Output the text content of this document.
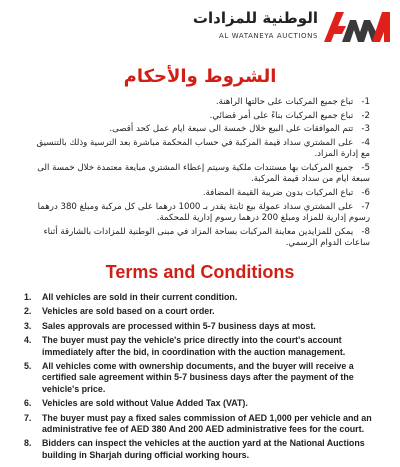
الوطنية للمزادات
AL WATANEYA AUCTIONS
الشروط والأحكام
1- تباع جميع المركبات على حالتها الراهنة.
2- تباع جميع المركبات بناءً على أمر قضائي.
3- تتم الموافقات على البيع خلال خمسة الى سبعة ايام عمل كحد أقصى.
4- على المشتري سداد قيمة المركبة في حساب المحكمة مباشرة بعد الترسية وذلك بالتنسيق مع إدارة المزاد.
5- جميع المركبات بها مستندات ملكية وسيتم إعطاء المشتري مبايعة معتمدة خلال خمسة الى سبعة ايام من سداد قيمة المركبة.
6- تباع المركبات بدون ضريبة القيمة المضافة.
7- على المشتري سداد عمولة بيع ثابتة يقدر بـ 1000 درهما على كل مركبة ومبلغ 380 درهما رسوم إدارية للمزاد ومبلغ 200 درهما رسوم إدارية للمحكمة.
8- يمكن للمزايدين معاينة المركبات بساحة المزاد في مبنى الوطنية للمزادات بالشارقة أثناء ساعات الدوام الرسمي.
Terms and Conditions
1. All vehicles are sold in their current condition.
2. Vehicles are sold based on a court order.
3. Sales approvals are processed within 5-7 business days at most.
4. The buyer must pay the vehicle's price directly into the court's account immediately after the bid, in coordination with the auction management.
5. All vehicles come with ownership documents, and the buyer will receive a certified sale agreement within 5-7 business days after the payment of the vehicle's price.
6. Vehicles are sold without Value Added Tax (VAT).
7. The buyer must pay a fixed sales commission of AED 1,000 per vehicle and an administrative fee of AED 380 And 200 AED administrative fees for the court.
8. Bidders can inspect the vehicles at the auction yard at the National Auctions building in Sharjah during official working hours.
